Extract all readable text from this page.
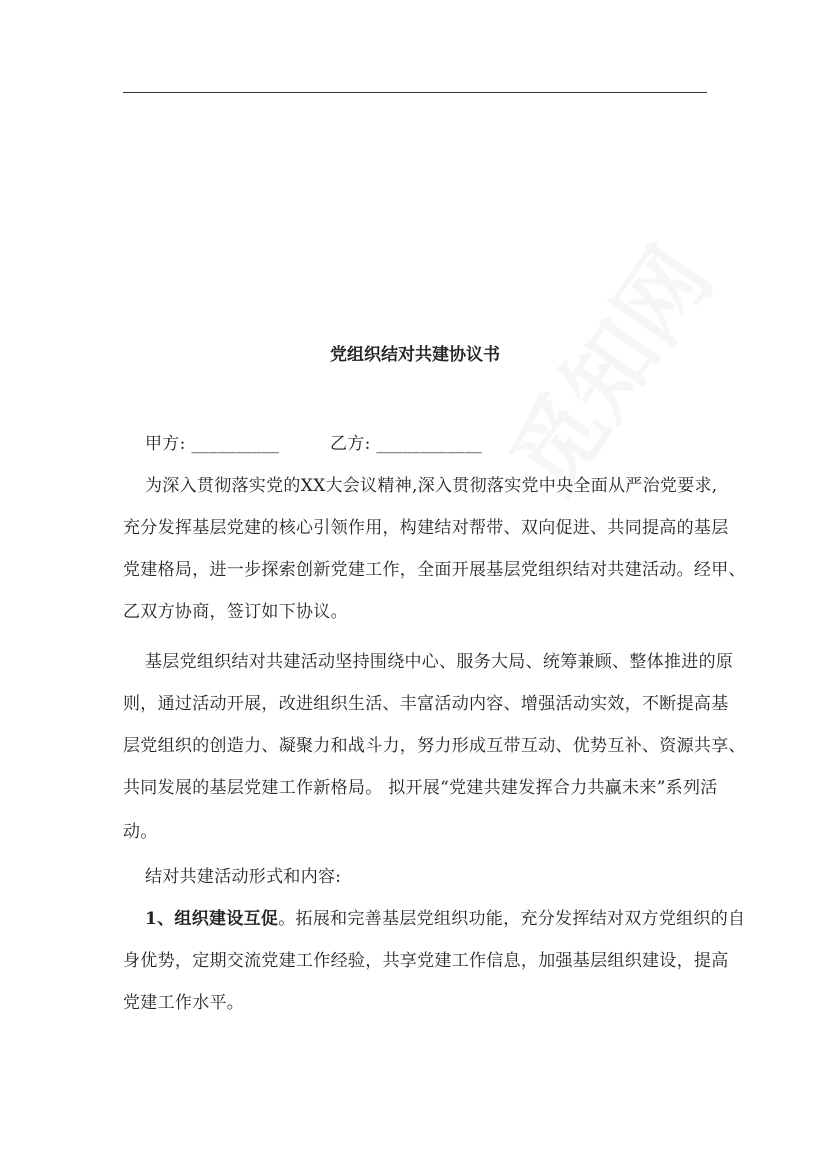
党组织结对共建协议书
甲方: __________	乙方: ____________
为深入贯彻落实党的XX大会议精神,深入贯彻落实党中央全面从严治党要求,
充分发挥基层党建的核心引领作用，构建结对帮带、双向促进、共同提高的基层
党建格局，进一步探索创新党建工作，全面开展基层党组织结对共建活动。经甲、
乙双方协商，签订如下协议。
基层党组织结对共建活动坚持围绕中心、服务大局、统筹兼顾、整体推进的原
则，通过活动开展，改进组织生活、丰富活动内容、增强活动实效，不断提高基
层党组织的创造力、凝聚力和战斗力，努力形成互带互动、优势互补、资源共享、
共同发展的基层党建工作新格局。 拟开展“党建共建发挥合力共赢未来”系列活
动。
结对共建活动形式和内容:
1、组织建设互促。拓展和完善基层党组织功能，充分发挥结对双方党组织的自
身优势，定期交流党建工作经验，共享党建工作信息，加强基层组织建设，提高
党建工作水平。
